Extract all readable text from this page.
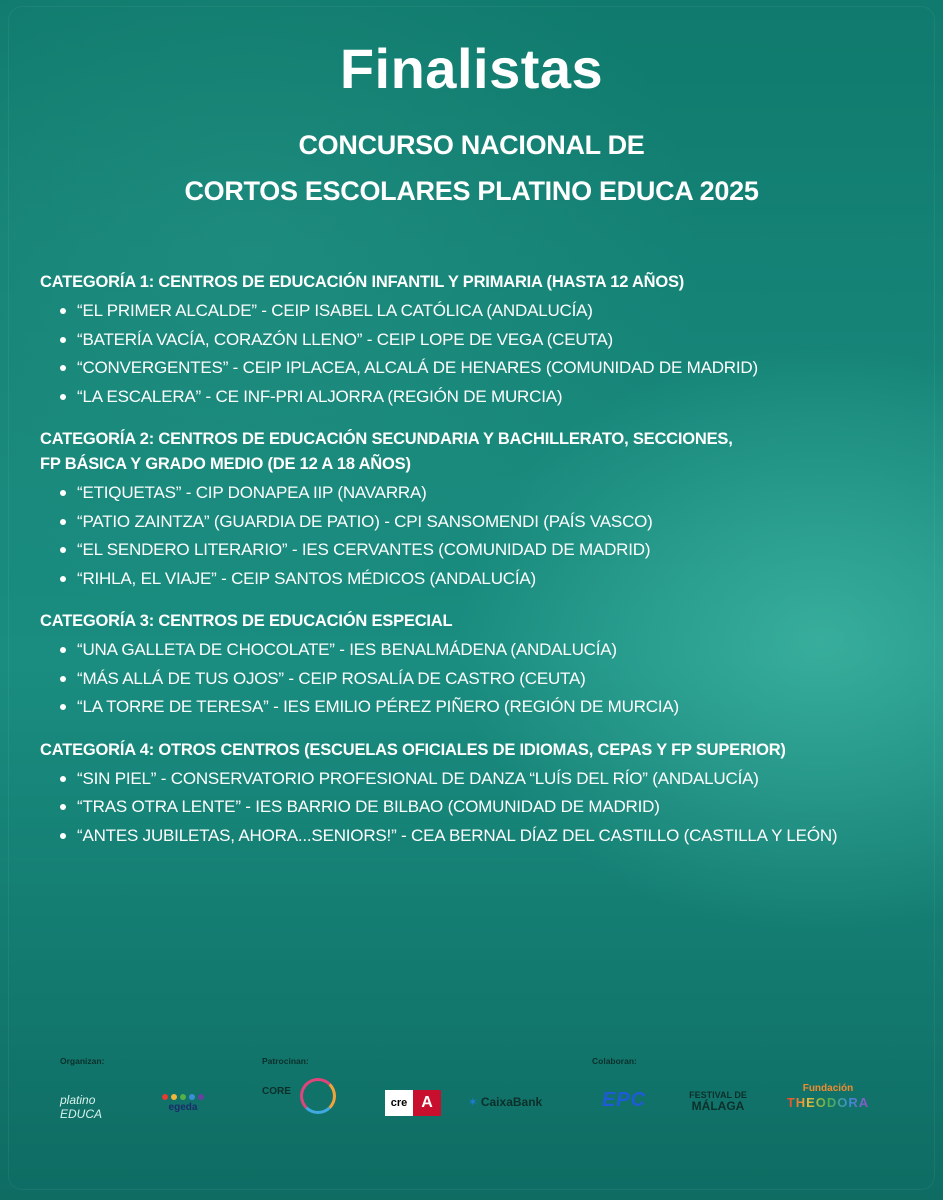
Finalistas

CONCURSO NACIONAL DE

CORTOS ESCOLARES PLATINO EDUCA 2025

CATEGORÍA 1: CENTROS DE EDUCACIÓN INFANTIL Y PRIMARIA (HASTA 12 AÑOS)

“EL PRIMER ALCALDE” - CEIP ISABEL LA CATÓLICA (ANDALUCÍA)
“BATERÍA VACÍA, CORAZÓN LLENO” - CEIP LOPE DE VEGA (CEUTA)
“CONVERGENTES” - CEIP IPLACEA, ALCALÁ DE HENARES (COMUNIDAD DE MADRID)
“LA ESCALERA” - CE INF-PRI ALJORRA (REGIÓN DE MURCIA)

CATEGORÍA 2: CENTROS DE EDUCACIÓN SECUNDARIA Y BACHILLERATO, SECCIONES,
FP BÁSICA Y GRADO MEDIO (DE 12 A 18 AÑOS)

“ETIQUETAS” - CIP DONAPEA IIP (NAVARRA)
“PATIO ZAINTZA” (GUARDIA DE PATIO) - CPI SANSOMENDI (PAÍS VASCO)
“EL SENDERO LITERARIO” - IES CERVANTES (COMUNIDAD DE MADRID)
“RIHLA, EL VIAJE” - CEIP SANTOS MÉDICOS (ANDALUCÍA)

CATEGORÍA 3: CENTROS DE EDUCACIÓN ESPECIAL

“UNA GALLETA DE CHOCOLATE” - IES BENALMÁDENA (ANDALUCÍA)
“MÁS ALLÁ DE TUS OJOS” - CEIP ROSALÍA DE CASTRO (CEUTA)
“LA TORRE DE TERESA” - IES EMILIO PÉREZ PIÑERO (REGIÓN DE MURCIA)

CATEGORÍA 4: OTROS CENTROS (ESCUELAS OFICIALES DE IDIOMAS, CEPAS Y FP SUPERIOR)

“SIN PIEL” - CONSERVATORIO PROFESIONAL DE DANZA “LUÍS DEL RÍO” (ANDALUCÍA)
“TRAS OTRA LENTE” - IES BARRIO DE BILBAO (COMUNIDAD DE MADRID)
“ANTES JUBILETAS, AHORA...SENIORS!” - CEA BERNAL DÍAZ DEL CASTILLO (CASTILLA Y LEÓN)
Organizan:	Patrocinan:	Colaboran:
platino EDUCA	egeda
CORE
cre A	✶ CaixaBank	EPC	FESTIVAL DE
MÁLAGA
Fundación
THEODORA
